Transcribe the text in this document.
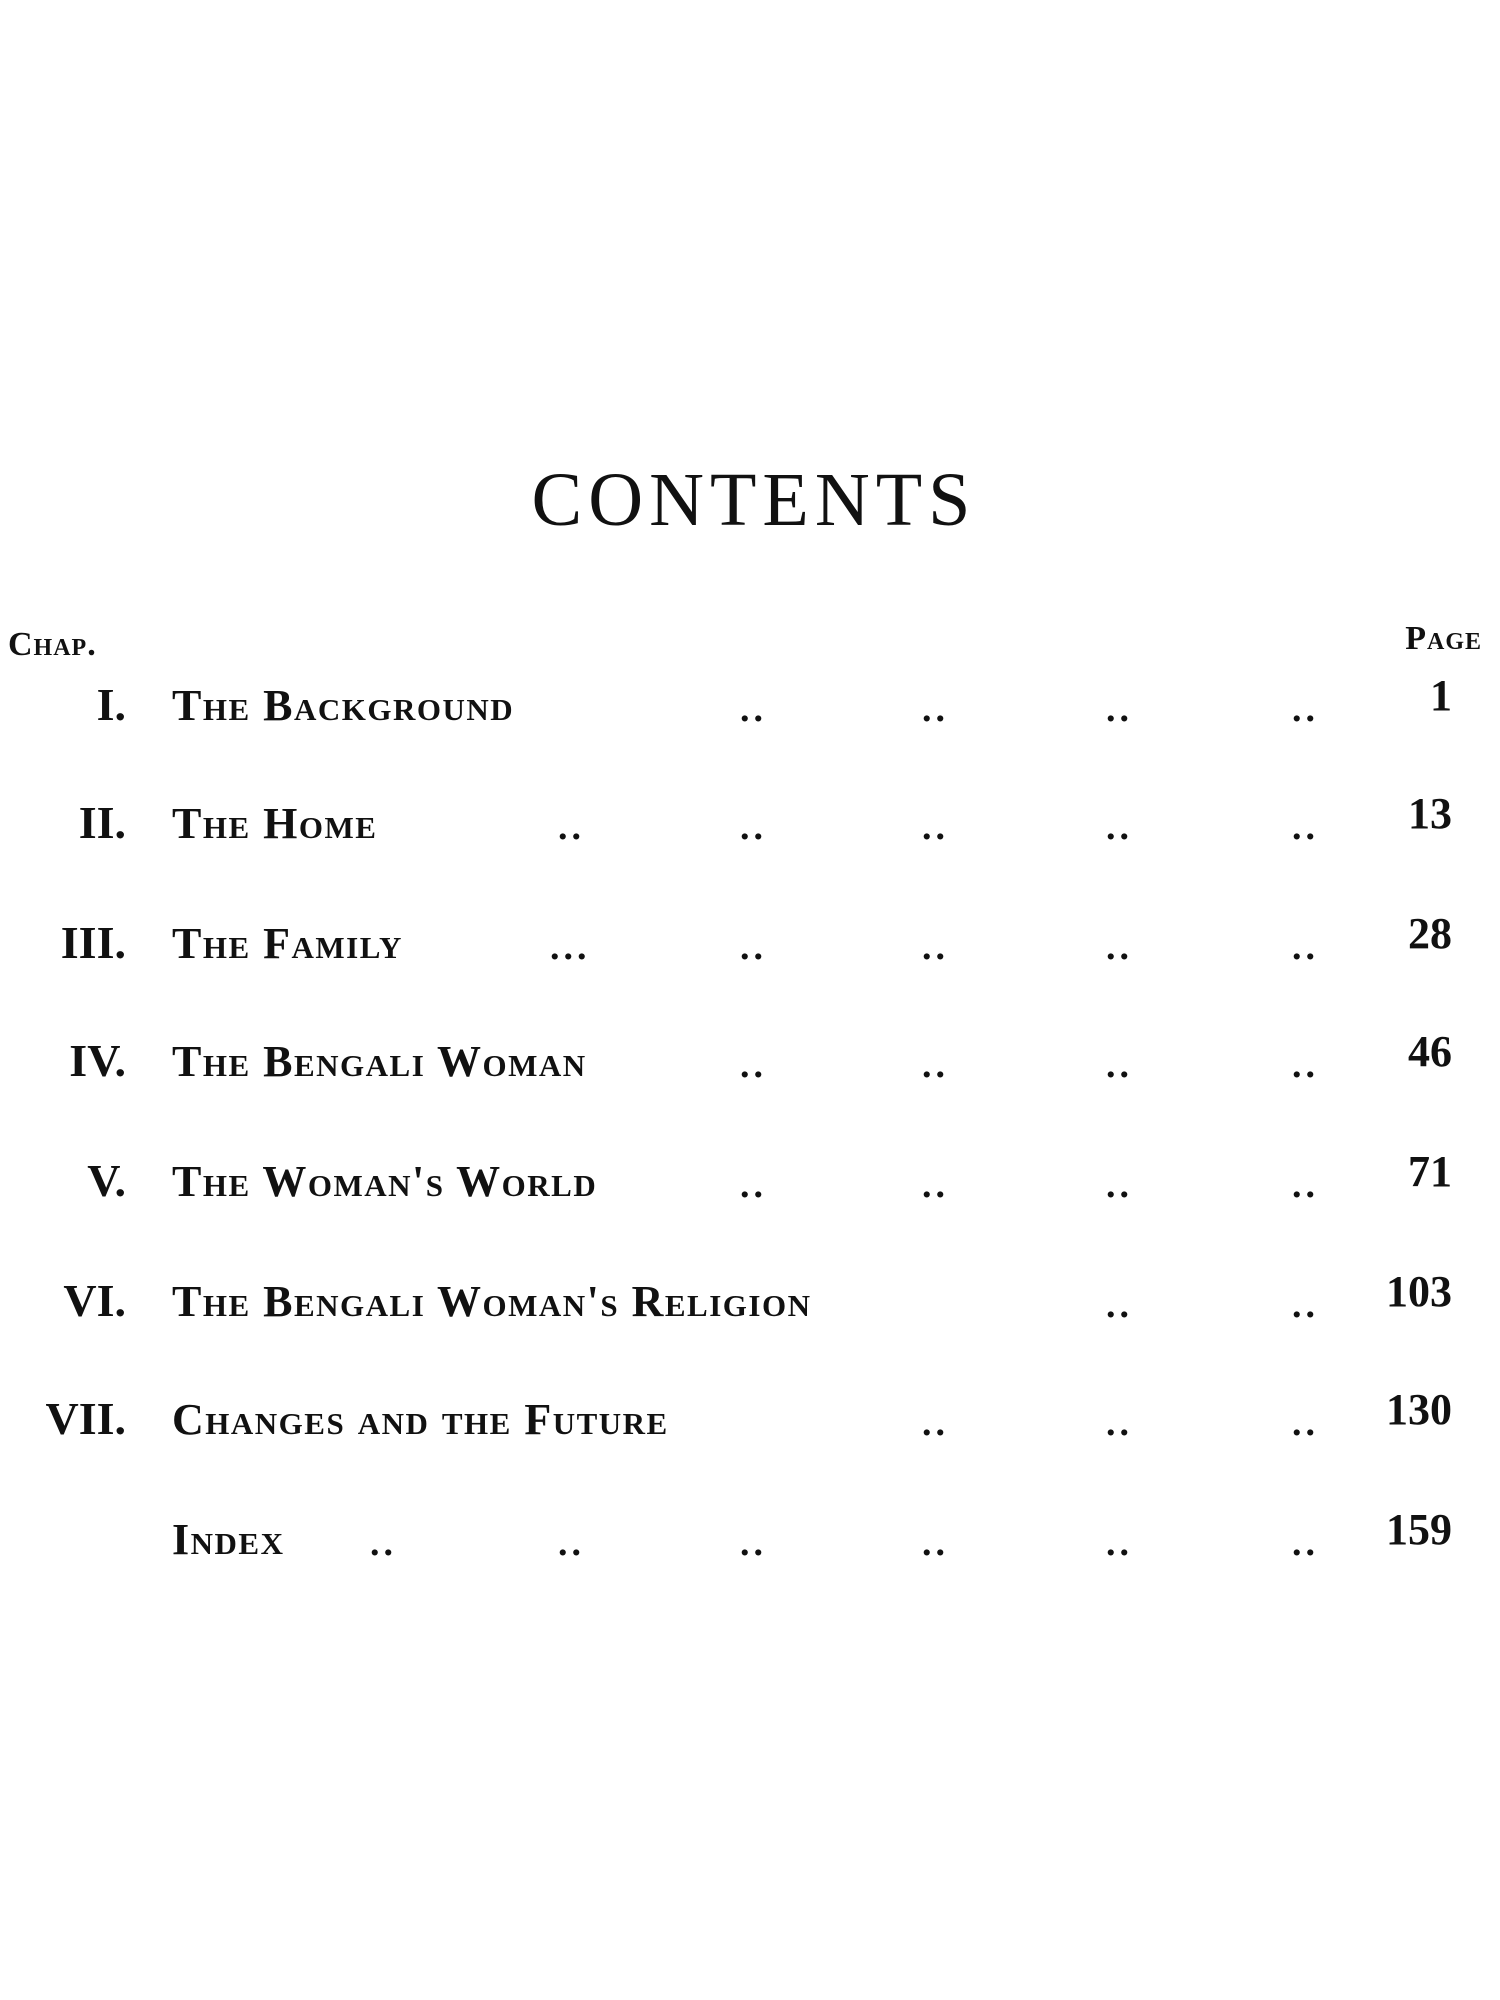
CONTENTS
Chap.	Page
I. The Background	..	..	..	..	1
II. The Home	..	..	..	..	.. 13
III. The Family	...	..	..	..	.. 28
IV. The Bengali Woman	..	..	..	.. 46
V. The Woman's World	..	..	..	.. 71
VI. The Bengali Woman's Religion	..	.. 103
VII. Changes and the Future	..	..	.. 130
Index ..	..	..	..	..	.. 159
